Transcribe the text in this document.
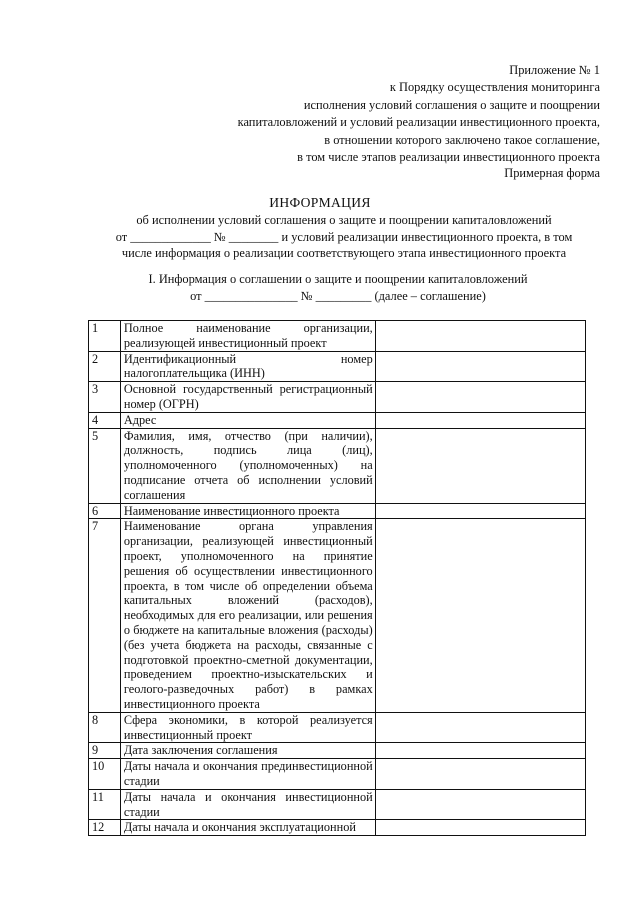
Приложение № 1
к Порядку осуществления мониторинга
исполнения условий соглашения о защите и поощрении
капиталовложений и условий реализации инвестиционного проекта,
в отношении которого заключено такое соглашение,
в том числе этапов реализации инвестиционного проекта
Примерная форма
ИНФОРМАЦИЯ
об исполнении условий соглашения о защите и поощрении капиталовложений
от _____________ № ________ и условий реализации инвестиционного проекта, в том
числе информация о реализации соответствующего этапа инвестиционного проекта
I. Информация о соглашении о защите и поощрении капиталовложений
от _______________ № _________ (далее – соглашение)
1	Полное наименование организации, реализующей инвестиционный проект	
2	Идентификационный номер налогоплательщика (ИНН)	
3	Основной государственный регистрационный номер (ОГРН)	
4	Адрес	
5	Фамилия, имя, отчество (при наличии), должность, подпись лица (лиц), уполномоченного (уполномоченных) на подписание отчета об исполнении условий соглашения	
6	Наименование инвестиционного проекта	
7	Наименование органа управления организации, реализующей инвестиционный проект, уполномоченного на принятие решения об осуществлении инвестиционного проекта, в том числе об определении объема капитальных вложений (расходов), необходимых для его реализации, или решения о бюджете на капитальные вложения (расходы) (без учета бюджета на расходы, связанные с подготовкой проектно-сметной документации, проведением проектно-изыскательских и геолого-разведочных работ) в рамках инвестиционного проекта	
8	Сфера экономики, в которой реализуется инвестиционный проект	
9	Дата заключения соглашения	
10	Даты начала и окончания прединвестиционной стадии	
11	Даты начала и окончания инвестиционной стадии	
12	Даты начала и окончания эксплуатационной	
